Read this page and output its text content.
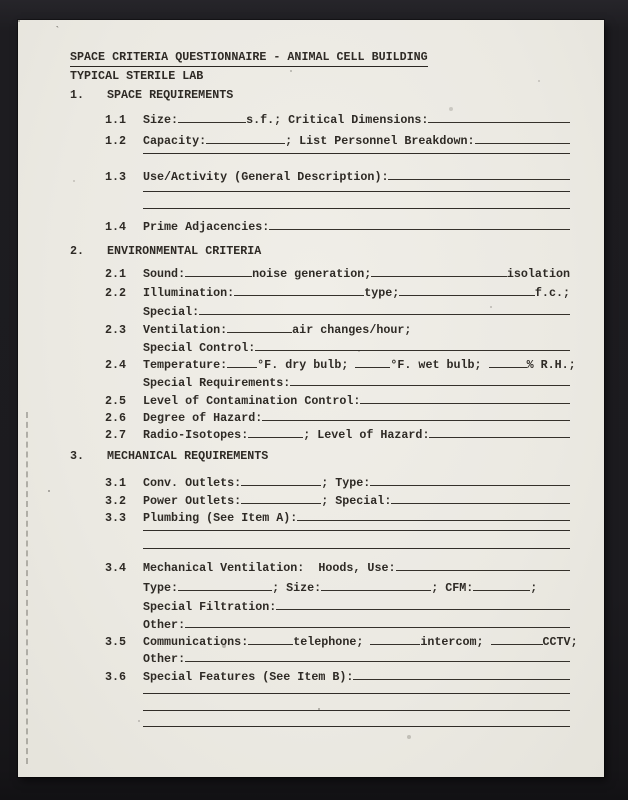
`
SPACE CRITERIA QUESTIONNAIRE - ANIMAL CELL BUILDING
TYPICAL STERILE LAB
1.	SPACE REQUIREMENTS
1.1	Size:	s.f.; Critical Dimensions:
1.2	Capacity:	; List Personnel Breakdown:
1.3	Use/Activity (General Description):
1.4	Prime Adjacencies:
2.	ENVIRONMENTAL CRITERIA
2.1	Sound:	noise generation;	isolation
2.2	Illumination:	type;	f.c.;
Special:
2.3	Ventilation:	air changes/hour;
Special Control:
2.4	Temperature:	°F. dry bulb;	°F. wet bulb;	% R.H.;
Special Requirements:
2.5	Level of Contamination Control:
2.6	Degree of Hazard:
2.7	Radio-Isotopes:	; Level of Hazard:
3.	MECHANICAL REQUIREMENTS
3.1	Conv. Outlets:	; Type:
3.2	Power Outlets:	; Special:
3.3	Plumbing (See Item A):
3.4	Mechanical Ventilation:  Hoods, Use:
Type:	; Size:	; CFM:	;
Special Filtration:
Other:
3.5	Communications:	telephone;	intercom;	CCTV;
Other:
3.6	Special Features (See Item B):
